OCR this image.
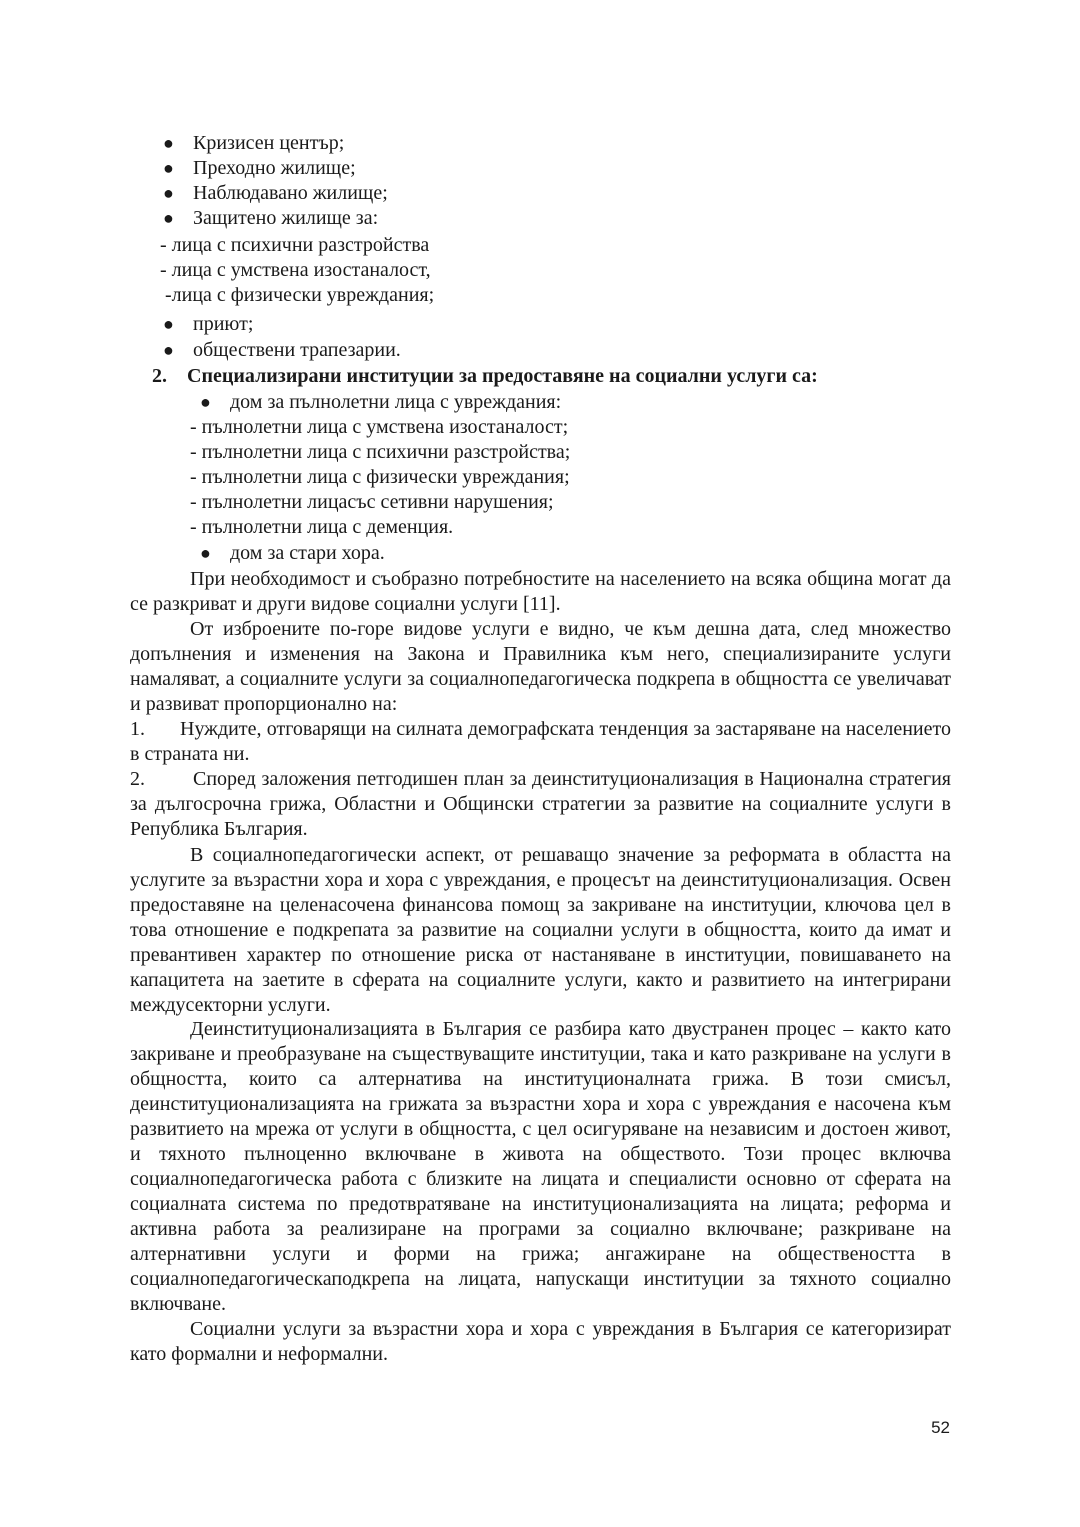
● Кризисен център;
● Преходно жилище;
● Наблюдавано жилище;
● Защитено жилище за:
- лица с психични разстройства
- лица с умствена изостаналост,
-лица с физически увреждания;
● приют;
● обществени трапезарии.
2. Специализирани институции за предоставяне на социални услуги са:
● дом за пълнолетни лица с увреждания:
- пълнолетни лица с умствена изостаналост;
- пълнолетни лица с психични разстройства;
- пълнолетни лица с физически увреждания;
- пълнолетни лицасъс сетивни нарушения;
- пълнолетни лица с деменция.
● дом за стари хора.
При необходимост и съобразно потребностите на населението на всяка община могат да се разкриват и други видове социални услуги [11].
От изброените по-горе видове услуги е видно, че към дешна дата, след множество допълнения и изменения на Закона и Правилника към него, специализираните услуги намаляват, а социалните услуги за социалнопедагогическа подкрепа в общността се увеличават и развиват пропорционално на:
1.	Нуждите, отговарящи на силната демографската тенденция за застаряване на населението в страната ни.
2.	Според заложения петгодишен план за деинституционализация в Национална стратегия за дългосрочна грижа, Областни и Общински стратегии за развитие на социалните услуги в Република България.
В социалнопедагогически аспект, от решаващо значение за реформата в областта на услугите за възрастни хора и хора с увреждания, е процесът на деинституционализация. Освен предоставяне на целенасочена финансова помощ за закриване на институции, ключова цел в това отношение е подкрепата за развитие на социални услуги в общността, които да имат и превантивен характер по отношение риска от настаняване в институции, повишаването на капацитета на заетите в сферата на социалните услуги, както и развитието на интегрирани междусекторни услуги.
Деинституционализацията в България се разбира като двустранен процес – както като закриване и преобразуване на съществуващите институции, така и като разкриване на услуги в общността, които са алтернатива на институционалната грижа. В този смисъл, деинституционализацията на грижата за възрастни хора и хора с увреждания е насочена към развитието на мрежа от услуги в общността, с цел осигуряване на независим и достоен живот, и тяхното пълноценно включване в живота на обществото. Този процес включва социалнопедагогическа работа с близките на лицата и специалисти основно от сферата на социалната система по предотвратяване на институционализацията на лицата; реформа и активна работа за реализиране на програми за социално включване; разкриване на алтернативни услуги и форми на грижа; ангажиране на обществеността в социалнопедагогическаподкрепа на лицата, напускащи институции за тяхното социално включване.
Социални услуги за възрастни хора и хора с увреждания в България се категоризират като формални и неформални.
52
